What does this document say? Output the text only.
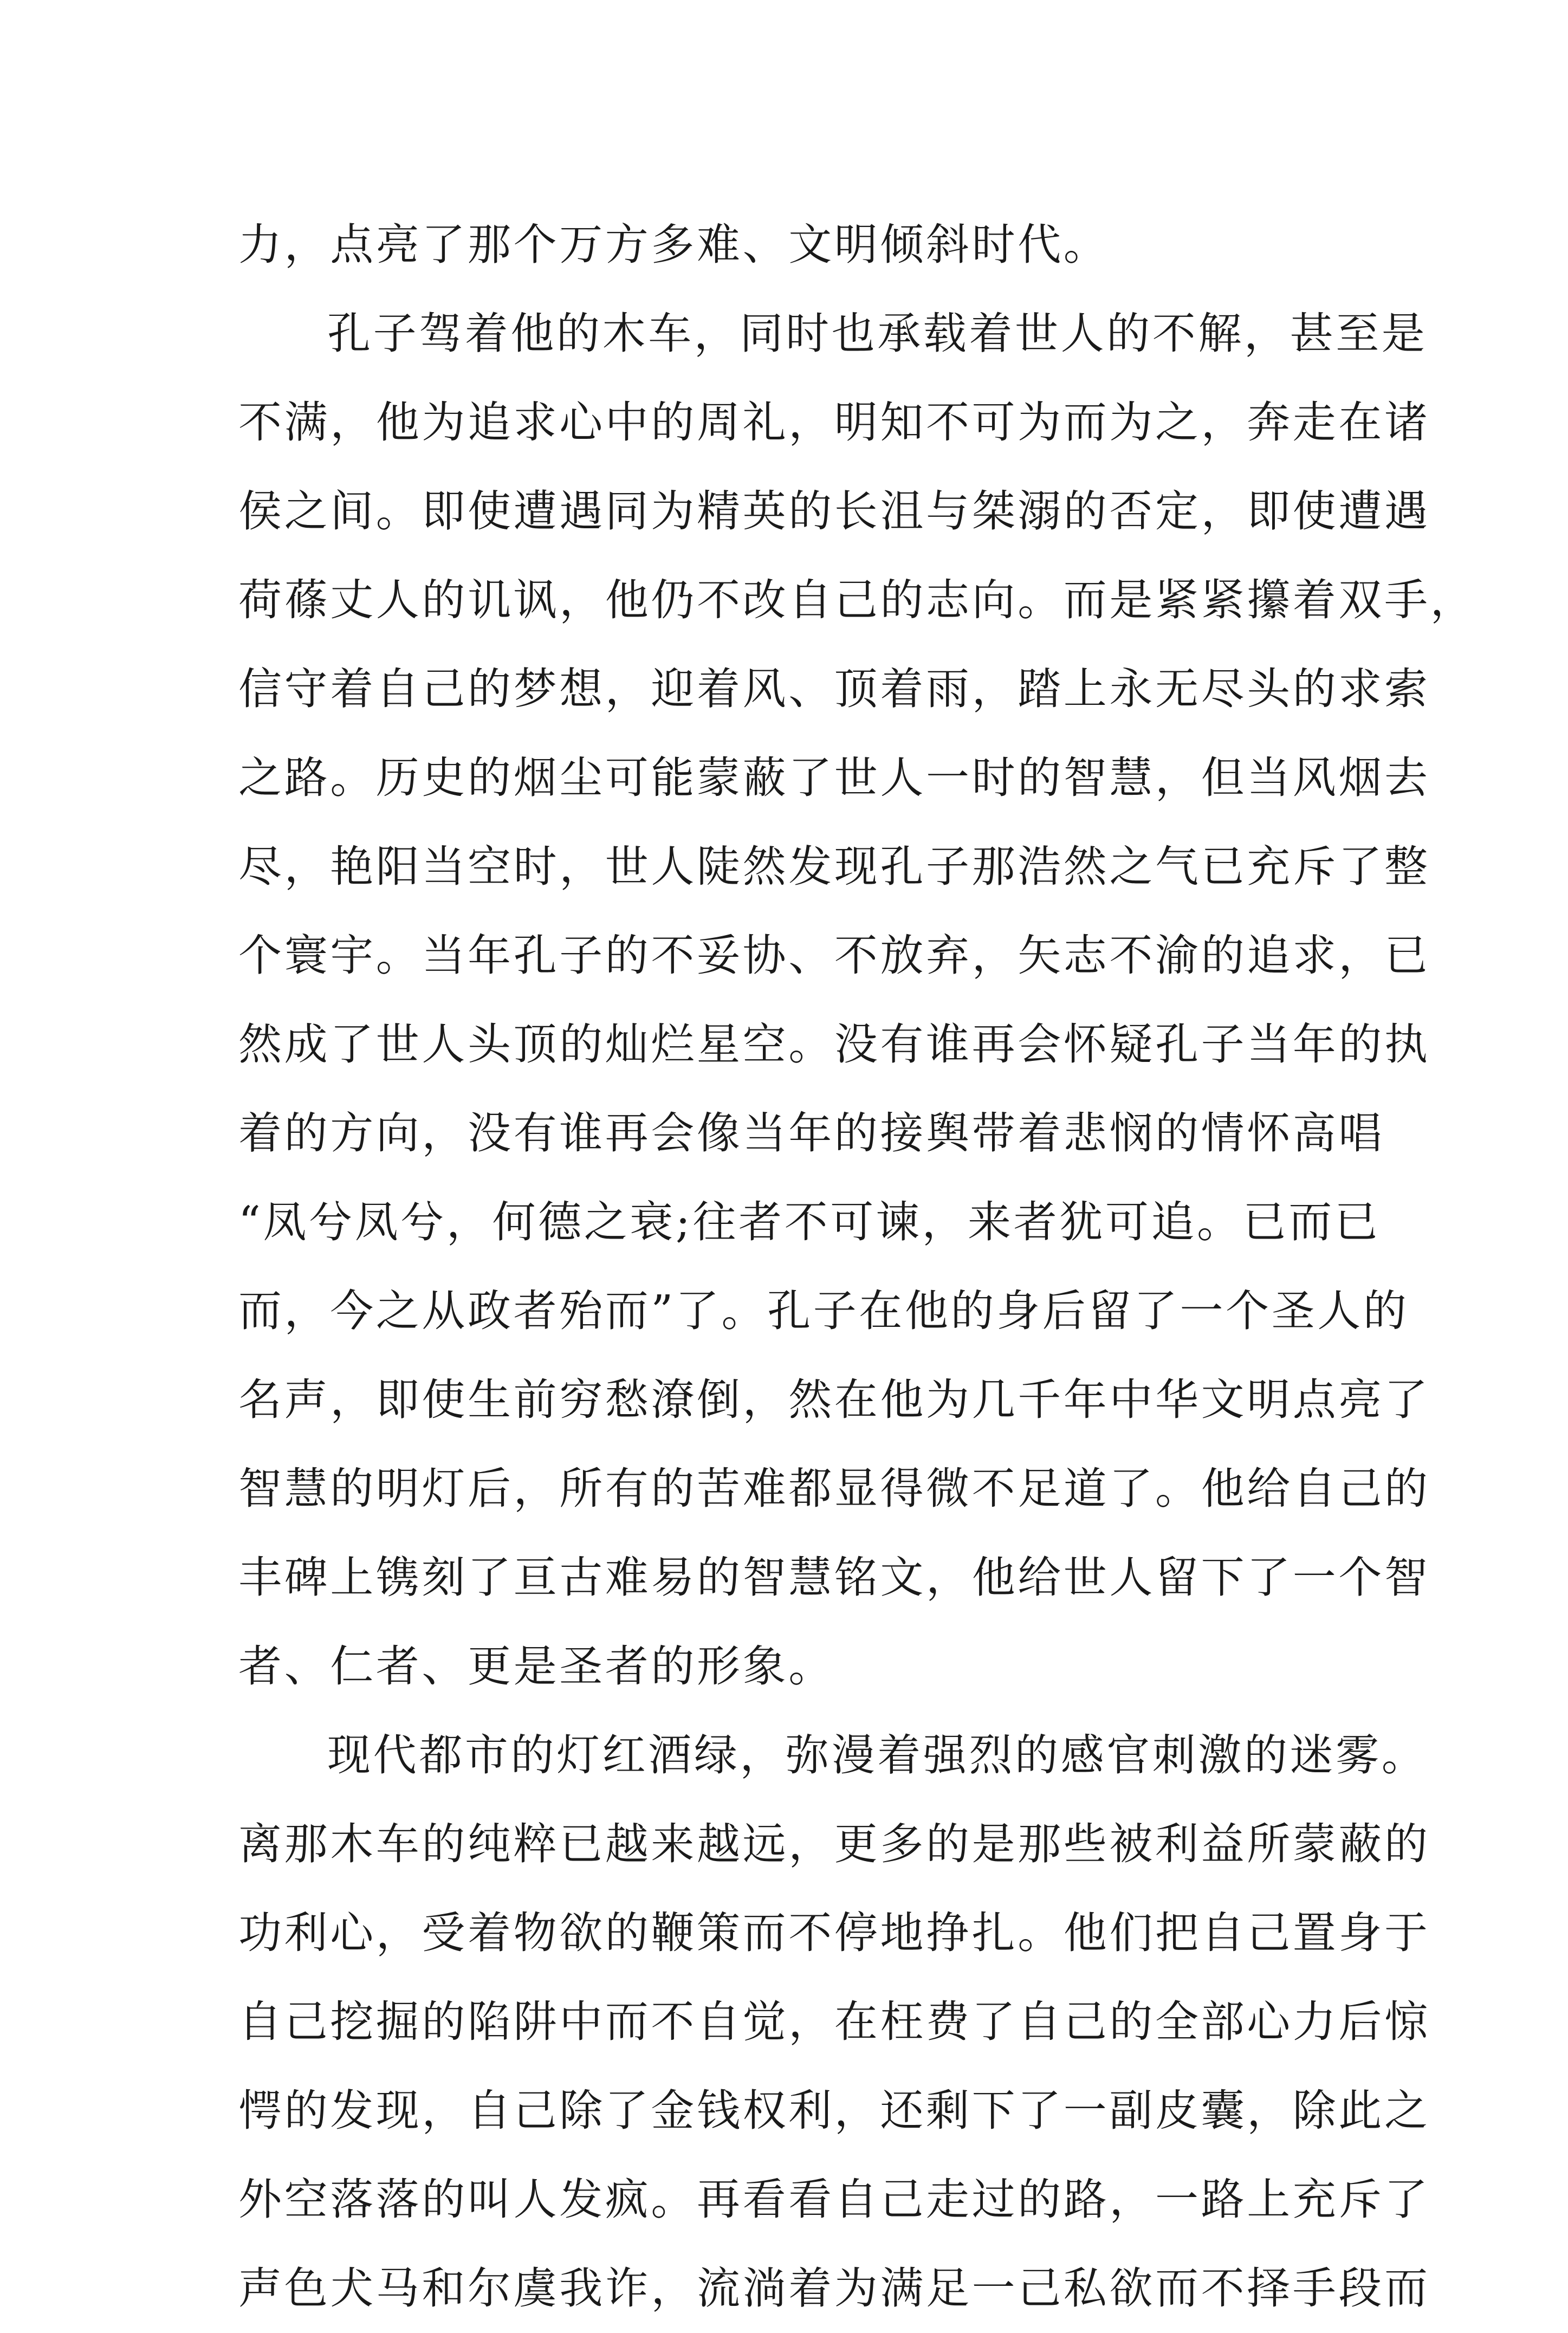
力，点亮了那个万方多难、文明倾斜时代。
孔子驾着他的木车，同时也承载着世人的不解，甚至是
不满，他为追求心中的周礼，明知不可为而为之，奔走在诸
侯之间。即使遭遇同为精英的长沮与桀溺的否定，即使遭遇
荷蓧丈人的讥讽，他仍不改自己的志向。而是紧紧攥着双手，
信守着自己的梦想，迎着风、顶着雨，踏上永无尽头的求索
之路。历史的烟尘可能蒙蔽了世人一时的智慧，但当风烟去
尽，艳阳当空时，世人陡然发现孔子那浩然之气已充斥了整
个寰宇。当年孔子的不妥协、不放弃，矢志不渝的追求，已
然成了世人头顶的灿烂星空。没有谁再会怀疑孔子当年的执
着的方向，没有谁再会像当年的接舆带着悲悯的情怀高唱
“凤兮凤兮，何德之衰;往者不可谏，来者犹可追。已而已
而，今之从政者殆而”了。孔子在他的身后留了一个圣人的
名声，即使生前穷愁潦倒，然在他为几千年中华文明点亮了
智慧的明灯后，所有的苦难都显得微不足道了。他给自己的
丰碑上镌刻了亘古难易的智慧铭文，他给世人留下了一个智
者、仁者、更是圣者的形象。
现代都市的灯红酒绿，弥漫着强烈的感官刺激的迷雾。
离那木车的纯粹已越来越远，更多的是那些被利益所蒙蔽的
功利心，受着物欲的鞭策而不停地挣扎。他们把自己置身于
自己挖掘的陷阱中而不自觉，在枉费了自己的全部心力后惊
愕的发现，自己除了金钱权利，还剩下了一副皮囊，除此之
外空落落的叫人发疯。再看看自己走过的路，一路上充斥了
声色犬马和尔虞我诈，流淌着为满足一己私欲而不择手段而
